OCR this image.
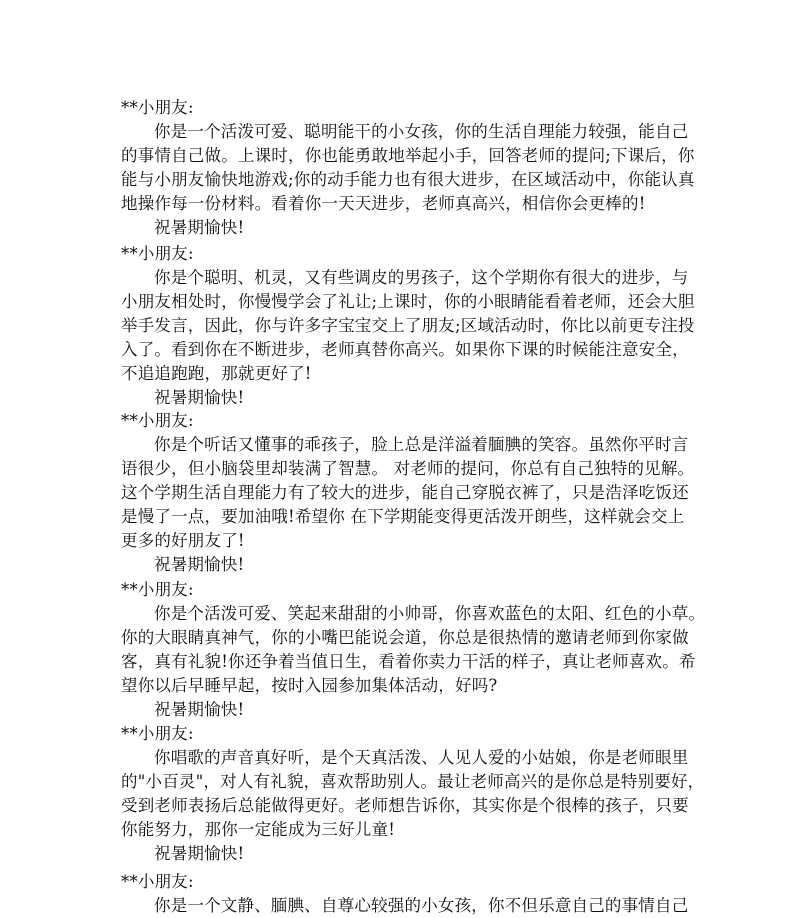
**小朋友:
你是一个活泼可爱、聪明能干的小女孩，你的生活自理能力较强，能自己
的事情自己做。上课时，你也能勇敢地举起小手，回答老师的提问;下课后，你
能与小朋友愉快地游戏;你的动手能力也有很大进步，在区域活动中，你能认真
地操作每一份材料。看着你一天天进步，老师真高兴，相信你会更棒的!
祝暑期愉快!
**小朋友:
你是个聪明、机灵，又有些调皮的男孩子，这个学期你有很大的进步，与
小朋友相处时，你慢慢学会了礼让;上课时，你的小眼睛能看着老师，还会大胆
举手发言，因此，你与许多字宝宝交上了朋友;区域活动时，你比以前更专注投
入了。看到你在不断进步，老师真替你高兴。如果你下课的时候能注意安全，
不追追跑跑，那就更好了!
祝暑期愉快!
**小朋友:
你是个听话又懂事的乖孩子，脸上总是洋溢着腼腆的笑容。虽然你平时言
语很少，但小脑袋里却装满了智慧。 对老师的提问，你总有自己独特的见解。
这个学期生活自理能力有了较大的进步，能自己穿脱衣裤了，只是浩泽吃饭还
是慢了一点，要加油哦!希望你 在下学期能变得更活泼开朗些，这样就会交上
更多的好朋友了!
祝暑期愉快!
**小朋友:
你是个活泼可爱、笑起来甜甜的小帅哥，你喜欢蓝色的太阳、红色的小草。
你的大眼睛真神气，你的小嘴巴能说会道，你总是很热情的邀请老师到你家做
客，真有礼貌!你还争着当值日生，看着你卖力干活的样子，真让老师喜欢。希
望你以后早睡早起，按时入园参加集体活动，好吗?
祝暑期愉快!
**小朋友:
你唱歌的声音真好听，是个天真活泼、人见人爱的小姑娘，你是老师眼里
的"小百灵"，对人有礼貌，喜欢帮助别人。最让老师高兴的是你总是特别要好，
受到老师表扬后总能做得更好。老师想告诉你，其实你是个很棒的孩子，只要
你能努力，那你一定能成为三好儿童!
祝暑期愉快!
**小朋友:
你是一个文静、腼腆、自尊心较强的小女孩，你不但乐意自己的事情自己
